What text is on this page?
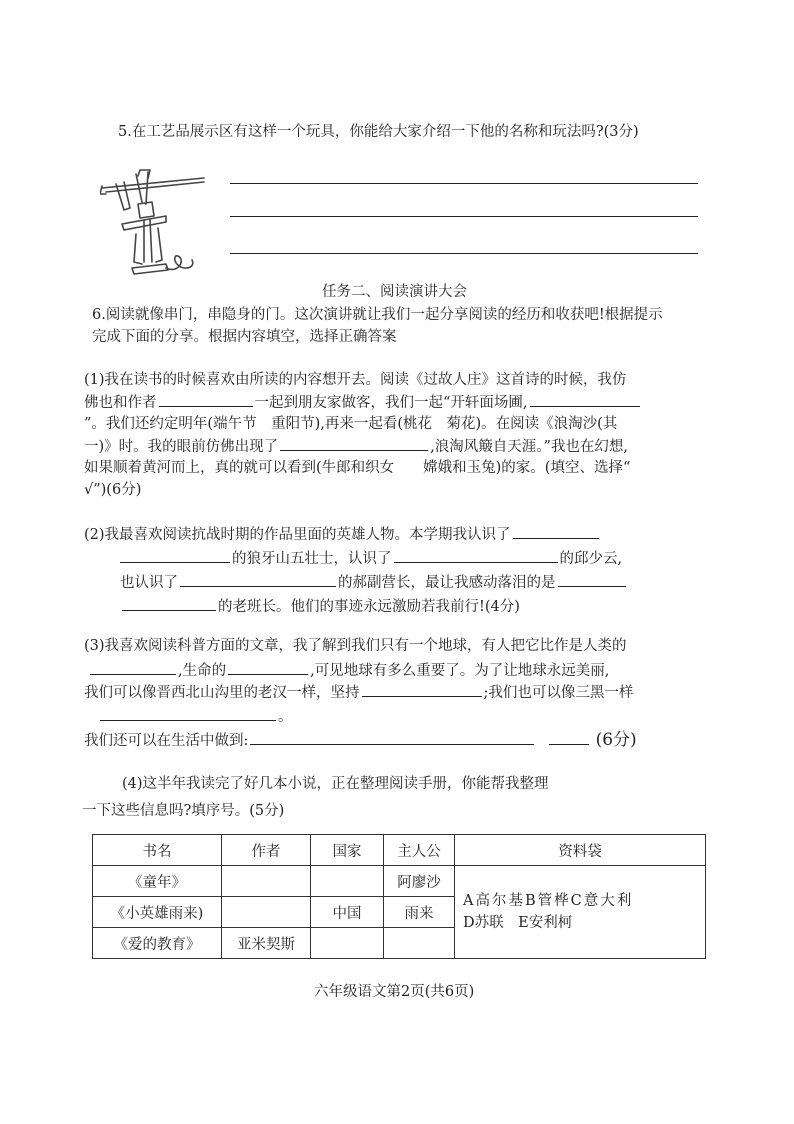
5.在工艺品展示区有这样一个玩具，你能给大家介绍一下他的名称和玩法吗?(3分)
任务二、阅读演讲大会
6.阅读就像串门，串隐身的门。这次演讲就让我们一起分享阅读的经历和收获吧!根据提示
完成下面的分享。根据内容填空，选择正确答案
(1)我在读书的时候喜欢由所读的内容想开去。阅读《过故人庄》这首诗的时候，我仿
佛也和作者	一起到朋友家做客，我们一起“开轩面场圃,
”。我们还约定明年(端午节　重阳节),再来一起看(桃花　菊花)。在阅读《浪淘沙(其
一)》时。我的眼前仿佛出现了	,浪淘风簸自天涯。”我也在幻想,
如果顺着黄河而上，真的就可以看到(牛郎和织女　　嫦娥和玉兔)的家。(填空、选择“
√”)(6分)
(2)我最喜欢阅读抗战时期的作品里面的英雄人物。本学期我认识了
的狼牙山五壮士，认识了	的邱少云,
也认识了	的郝副营长，最让我感动落泪的是
的老班长。他们的事迹永远激励若我前行!(4分)
(3)我喜欢阅读科普方面的文章，我了解到我们只有一个地球，有人把它比作是人类的
,生命的	,可见地球有多么重要了。为了让地球永远美丽,
我们可以像晋西北山沟里的老汉一样，坚持	;我们也可以像三黑一样
。
我们还可以在生活中做到:	(6分)
(4)这半年我读完了好几本小说，正在整理阅读手册，你能帮我整理
一下这些信息吗?填序号。(5分)
书名	作者	国家	主人公	资料袋
《童年》			阿廖沙	A高尔基B管桦C意大利
D苏联　E安利柯

《小英雄雨来)		中国	雨来	
《爱的教育》	亚米契斯			
六年级语文第2页(共6页)
